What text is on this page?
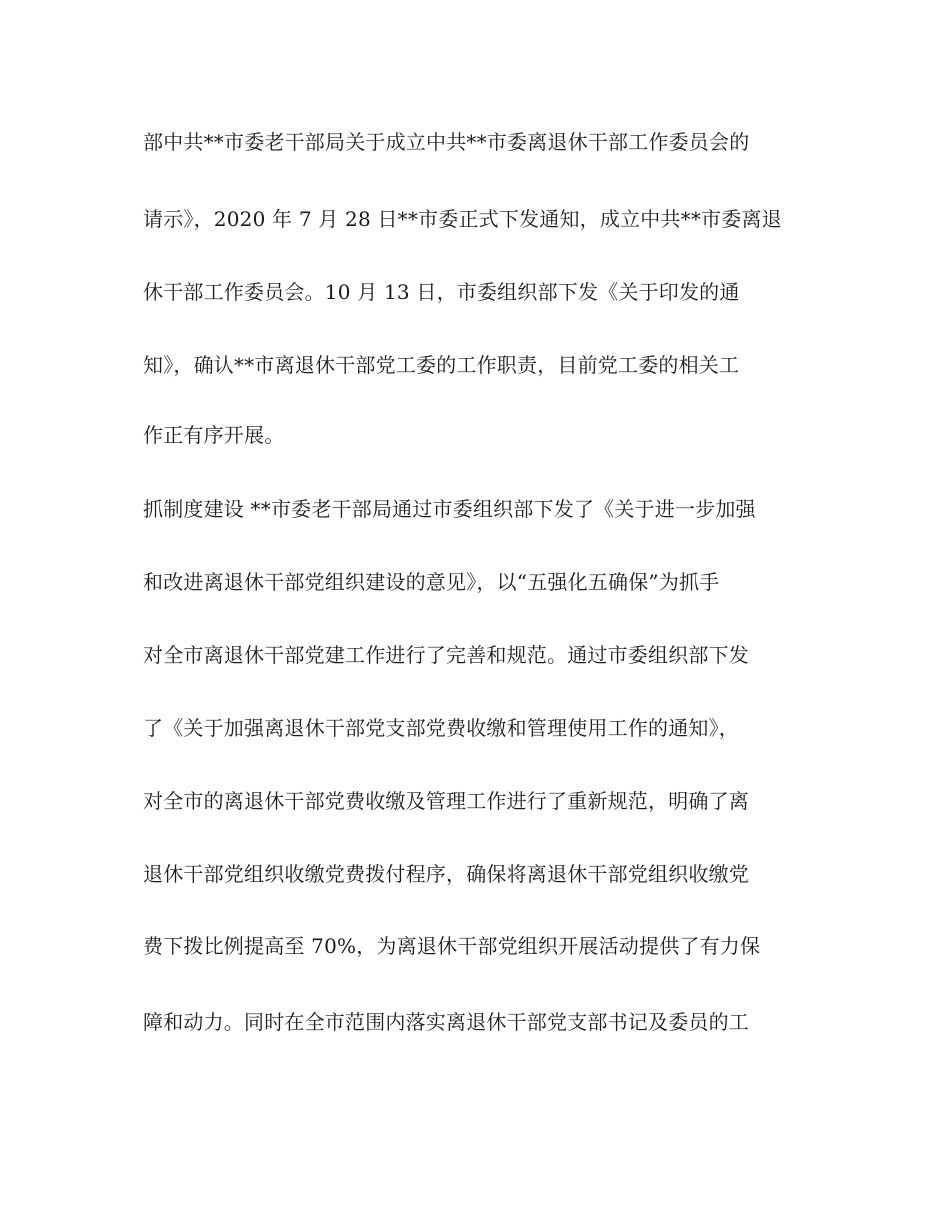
部中共**市委老干部局关于成立中共**市委离退休干部工作委员会的

请示》，2020 年 7 月 28 日**市委正式下发通知，成立中共**市委离退

休干部工作委员会。10 月 13 日，市委组织部下发《关于印发的通

知》，确认**市离退休干部党工委的工作职责，目前党工委的相关工

作正有序开展。

抓制度建设 **市委老干部局通过市委组织部下发了《关于进一步加强

和改进离退休干部党组织建设的意见》，以“五强化五确保”为抓手

对全市离退休干部党建工作进行了完善和规范。通过市委组织部下发

了《关于加强离退休干部党支部党费收缴和管理使用工作的通知》，

对全市的离退休干部党费收缴及管理工作进行了重新规范，明确了离

退休干部党组织收缴党费拨付程序，确保将离退休干部党组织收缴党

费下拨比例提高至 70%，为离退休干部党组织开展活动提供了有力保

障和动力。同时在全市范围内落实离退休干部党支部书记及委员的工
